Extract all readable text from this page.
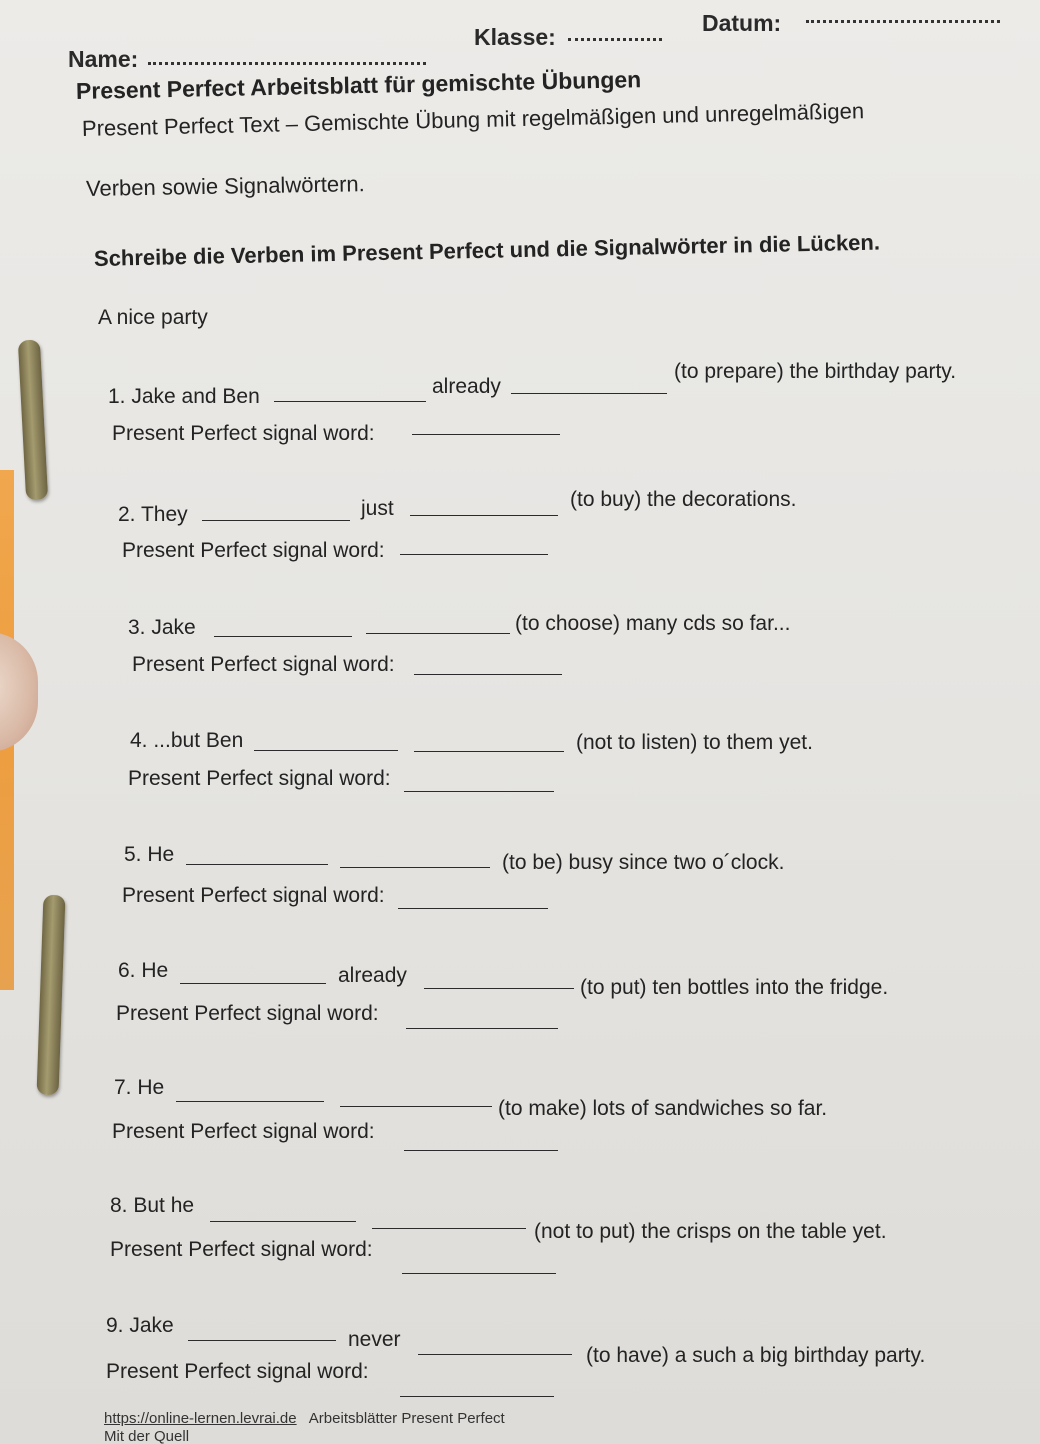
Name:
Klasse:
Datum:
Present Perfect Arbeitsblatt für gemischte Übungen
Present Perfect Text – Gemischte Übung mit regelmäßigen und unregelmäßigen
Verben sowie Signalwörtern.
Schreibe die Verben im Present Perfect und die Signalwörter in die Lücken.
A nice party
1. Jake and Ben	already
(to prepare) the birthday party.
Present Perfect signal word:
2. They	just	(to buy) the decorations.
Present Perfect signal word:
3. Jake	(to choose) many cds so far...
Present Perfect signal word:
4. ...but Ben	(not to listen) to them yet.
Present Perfect signal word:
5. He	(to be) busy since two o´clock.
Present Perfect signal word:
6. He	already
(to put) ten bottles into the fridge.
Present Perfect signal word:
7. He
(to make) lots of sandwiches so far.
Present Perfect signal word:
8. But he
(not to put) the crisps on the table yet.
Present Perfect signal word:
9. Jake
never
(to have) a such a big birthday party.
Present Perfect signal word:
https://online-lernen.levrai.de Arbeitsblätter Present Perfect
Mit der Quell
